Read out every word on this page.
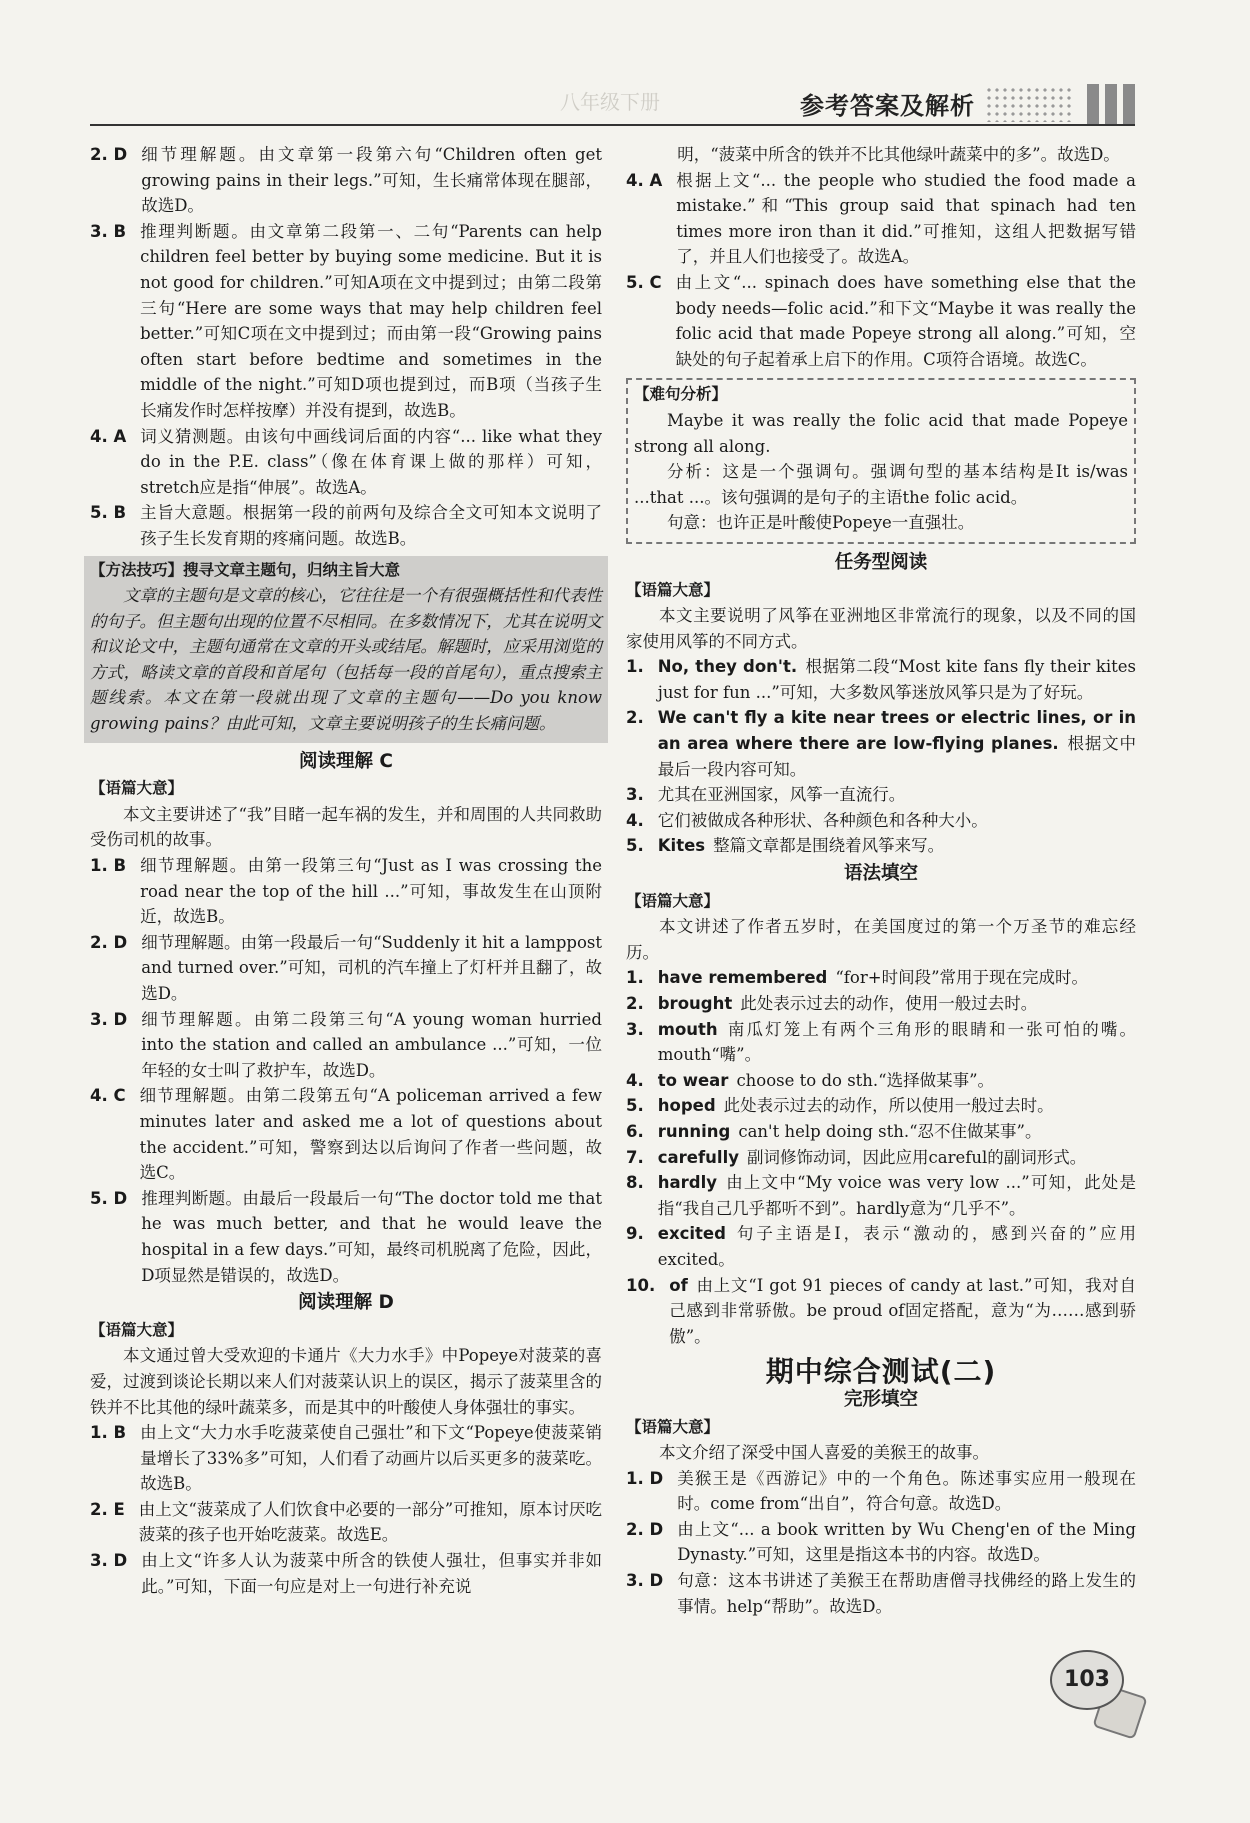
八年级下册	参考答案及解析
2. D 细节理解题。由文章第一段第六句“Children often get growing pains in their legs.”可知，生长痛常体现在腿部，故选D。
3. B 推理判断题。由文章第二段第一、二句“Parents can help children feel better by buying some medicine. But it is not good for children.”可知A项在文中提到过；由第二段第三句“Here are some ways that may help children feel better.”可知C项在文中提到过；而由第一段“Growing pains often start before bedtime and sometimes in the middle of the night.”可知D项也提到过，而B项（当孩子生长痛发作时怎样按摩）并没有提到，故选B。
4. A 词义猜测题。由该句中画线词后面的内容“... like what they do in the P.E. class”（像在体育课上做的那样）可知，stretch应是指“伸展”。故选A。
5. B 主旨大意题。根据第一段的前两句及综合全文可知本文说明了孩子生长发育期的疼痛问题。故选B。
【方法技巧】搜寻文章主题句，归纳主旨大意
文章的主题句是文章的核心，它往往是一个有很强概括性和代表性的句子。但主题句出现的位置不尽相同。在多数情况下，尤其在说明文和议论文中，主题句通常在文章的开头或结尾。解题时，应采用浏览的方式，略读文章的首段和首尾句（包括每一段的首尾句），重点搜索主题线索。本文在第一段就出现了文章的主题句——Do you know growing pains？由此可知，文章主要说明孩子的生长痛问题。
阅读理解 C
【语篇大意】
本文主要讲述了“我”目睹一起车祸的发生，并和周围的人共同救助受伤司机的故事。
1. B 细节理解题。由第一段第三句“Just as I was crossing the road near the top of the hill ...”可知，事故发生在山顶附近，故选B。
2. D 细节理解题。由第一段最后一句“Suddenly it hit a lamppost and turned over.”可知，司机的汽车撞上了灯杆并且翻了，故选D。
3. D 细节理解题。由第二段第三句“A young woman hurried into the station and called an ambulance ...”可知，一位年轻的女士叫了救护车，故选D。
4. C 细节理解题。由第二段第五句“A policeman arrived a few minutes later and asked me a lot of questions about the accident.”可知，警察到达以后询问了作者一些问题，故选C。
5. D 推理判断题。由最后一段最后一句“The doctor told me that he was much better, and that he would leave the hospital in a few days.”可知，最终司机脱离了危险，因此，D项显然是错误的，故选D。
阅读理解 D
【语篇大意】
本文通过曾大受欢迎的卡通片《大力水手》中Popeye对菠菜的喜爱，过渡到谈论长期以来人们对菠菜认识上的误区，揭示了菠菜里含的铁并不比其他的绿叶蔬菜多，而是其中的叶酸使人身体强壮的事实。
1. B 由上文“大力水手吃菠菜使自己强壮”和下文“Popeye使菠菜销量增长了33%多”可知，人们看了动画片以后买更多的菠菜吃。故选B。
2. E 由上文“菠菜成了人们饮食中必要的一部分”可推知，原本讨厌吃菠菜的孩子也开始吃菠菜。故选E。
3. D 由上文“许多人认为菠菜中所含的铁使人强壮，但事实并非如此。”可知，下面一句应是对上一句进行补充说
明，“菠菜中所含的铁并不比其他绿叶蔬菜中的多”。故选D。
4. A 根据上文“... the people who studied the food made a mistake.”和“This group said that spinach had ten times more iron than it did.”可推知，这组人把数据写错了，并且人们也接受了。故选A。
5. C 由上文“... spinach does have something else that the body needs—folic acid.”和下文“Maybe it was really the folic acid that made Popeye strong all along.”可知，空缺处的句子起着承上启下的作用。C项符合语境。故选C。
【难句分析】
Maybe it was really the folic acid that made Popeye strong all along.
分析：这是一个强调句。强调句型的基本结构是It is/was ...that ...。该句强调的是句子的主语the folic acid。
句意：也许正是叶酸使Popeye一直强壮。
任务型阅读
【语篇大意】
本文主要说明了风筝在亚洲地区非常流行的现象，以及不同的国家使用风筝的不同方式。
1. No, they don't. 根据第二段“Most kite fans fly their kites just for fun ...”可知，大多数风筝迷放风筝只是为了好玩。
2. We can't fly a kite near trees or electric lines, or in an area where there are low-flying planes. 根据文中最后一段内容可知。
3. 尤其在亚洲国家，风筝一直流行。
4. 它们被做成各种形状、各种颜色和各种大小。
5. Kites 整篇文章都是围绕着风筝来写。
语法填空
【语篇大意】
本文讲述了作者五岁时，在美国度过的第一个万圣节的难忘经历。
1. have remembered “for+时间段”常用于现在完成时。
2. brought 此处表示过去的动作，使用一般过去时。
3. mouth 南瓜灯笼上有两个三角形的眼睛和一张可怕的嘴。mouth“嘴”。
4. to wear choose to do sth.“选择做某事”。
5. hoped 此处表示过去的动作，所以使用一般过去时。
6. running can't help doing sth.“忍不住做某事”。
7. carefully 副词修饰动词，因此应用careful的副词形式。
8. hardly 由上文中“My voice was very low ...”可知，此处是指“我自己几乎都听不到”。hardly意为“几乎不”。
9. excited 句子主语是I，表示“激动的，感到兴奋的”应用excited。
10. of 由上文“I got 91 pieces of candy at last.”可知，我对自己感到非常骄傲。be proud of固定搭配，意为“为……感到骄傲”。
期中综合测试(二)
完形填空
【语篇大意】
本文介绍了深受中国人喜爱的美猴王的故事。
1. D 美猴王是《西游记》中的一个角色。陈述事实应用一般现在时。come from“出自”，符合句意。故选D。
2. D 由上文“... a book written by Wu Cheng'en of the Ming Dynasty.”可知，这里是指这本书的内容。故选D。
3. D 句意：这本书讲述了美猴王在帮助唐僧寻找佛经的路上发生的事情。help“帮助”。故选D。
103
